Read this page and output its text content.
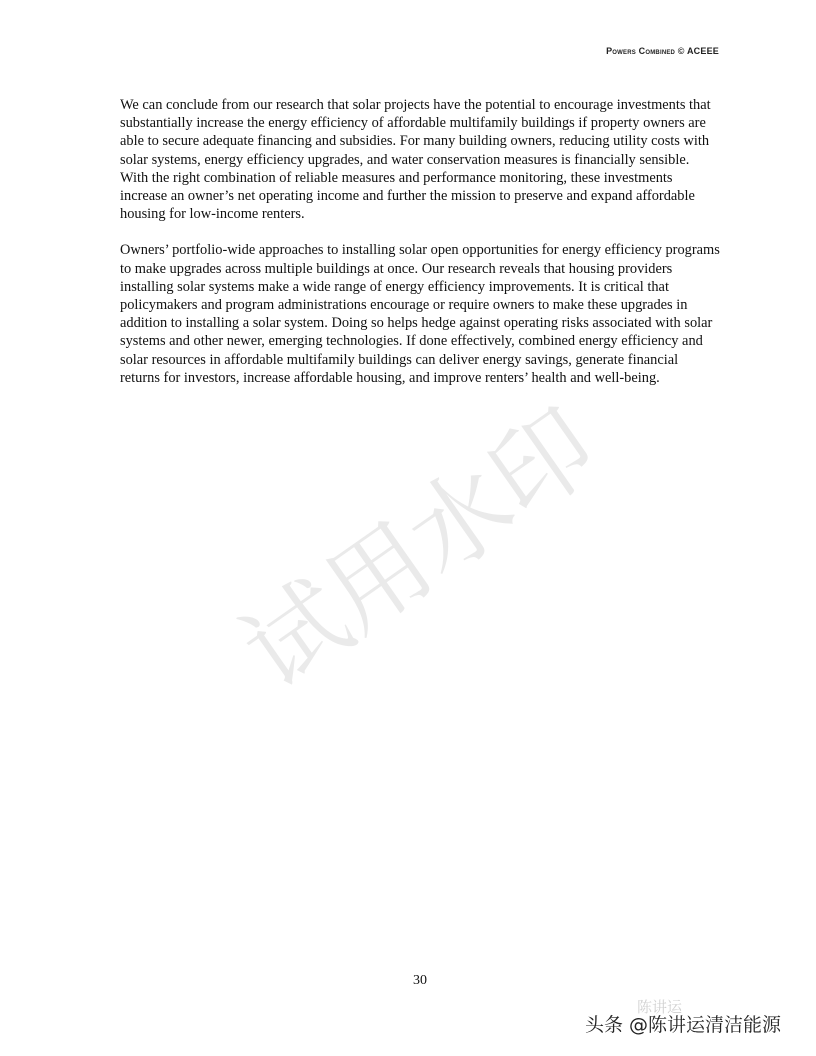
Powers Combined © ACEEE

We can conclude from our research that solar projects have the potential to encourage investments that substantially increase the energy efficiency of affordable multifamily buildings if property owners are able to secure adequate financing and subsidies. For many building owners, reducing utility costs with solar systems, energy efficiency upgrades, and water conservation measures is financially sensible. With the right combination of reliable measures and performance monitoring, these investments increase an owner’s net operating income and further the mission to preserve and expand affordable housing for low-income renters.

Owners’ portfolio-wide approaches to installing solar open opportunities for energy efficiency programs to make upgrades across multiple buildings at once. Our research reveals that housing providers installing solar systems make a wide range of energy efficiency improvements. It is critical that policymakers and program administrations encourage or require owners to make these upgrades in addition to installing a solar system. Doing so helps hedge against operating risks associated with solar systems and other newer, emerging technologies. If done effectively, combined energy efficiency and solar resources in affordable multifamily buildings can deliver energy savings, generate financial returns for investors, increase affordable housing, and improve renters’ health and well-being.

试用水印
30
陈讲运
头条 @陈讲运清洁能源
